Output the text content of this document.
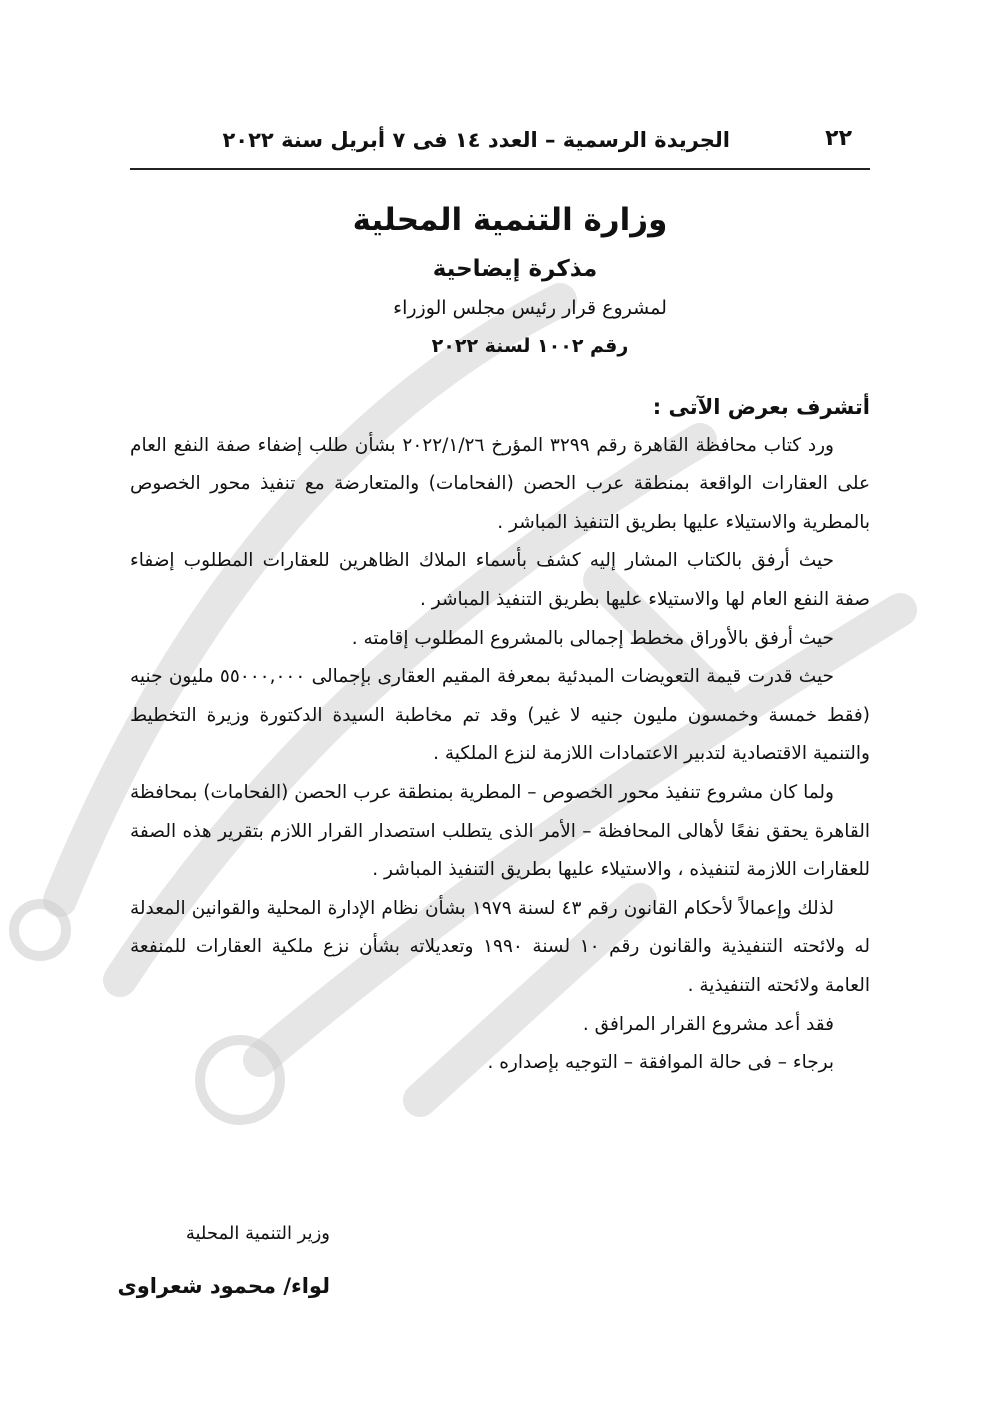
٢٢
الجريدة الرسمية – العدد ١٤ فى ٧ أبريل سنة ٢٠٢٢
وزارة التنمية المحلية
مذكرة إيضاحية
لمشروع قرار رئيس مجلس الوزراء
رقم ١٠٠٢ لسنة ٢٠٢٢

أتشرف بعرض الآتى :

ورد كتاب محافظة القاهرة رقم ٣٢٩٩ المؤرخ ٢٠٢٢/١/٢٦ بشأن طلب إضفاء صفة النفع العام على العقارات الواقعة بمنطقة عرب الحصن (الفحامات) والمتعارضة مع تنفيذ محور الخصوص بالمطرية والاستيلاء عليها بطريق التنفيذ المباشر .

حيث أرفق بالكتاب المشار إليه كشف بأسماء الملاك الظاهرين للعقارات المطلوب إضفاء صفة النفع العام لها والاستيلاء عليها بطريق التنفيذ المباشر .

حيث أرفق بالأوراق مخطط إجمالى بالمشروع المطلوب إقامته .

حيث قدرت قيمة التعويضات المبدئية بمعرفة المقيم العقارى بإجمالى ٥٥٠٠٠,٠٠٠ مليون جنيه (فقط خمسة وخمسون مليون جنيه لا غير) وقد تم مخاطبة السيدة الدكتورة وزيرة التخطيط والتنمية الاقتصادية لتدبير الاعتمادات اللازمة لنزع الملكية .

ولما كان مشروع تنفيذ محور الخصوص – المطرية بمنطقة عرب الحصن (الفحامات) بمحافظة القاهرة يحقق نفعًا لأهالى المحافظة – الأمر الذى يتطلب استصدار القرار اللازم بتقرير هذه الصفة للعقارات اللازمة لتنفيذه ، والاستيلاء عليها بطريق التنفيذ المباشر .

لذلك وإعمالاً لأحكام القانون رقم ٤٣ لسنة ١٩٧٩ بشأن نظام الإدارة المحلية والقوانين المعدلة له ولائحته التنفيذية والقانون رقم ١٠ لسنة ١٩٩٠ وتعديلاته بشأن نزع ملكية العقارات للمنفعة العامة ولائحته التنفيذية .

فقد أعد مشروع القرار المرافق .

برجاء – فى حالة الموافقة – التوجيه بإصداره .

وزير التنمية المحلية
لواء/ محمود شعراوى
